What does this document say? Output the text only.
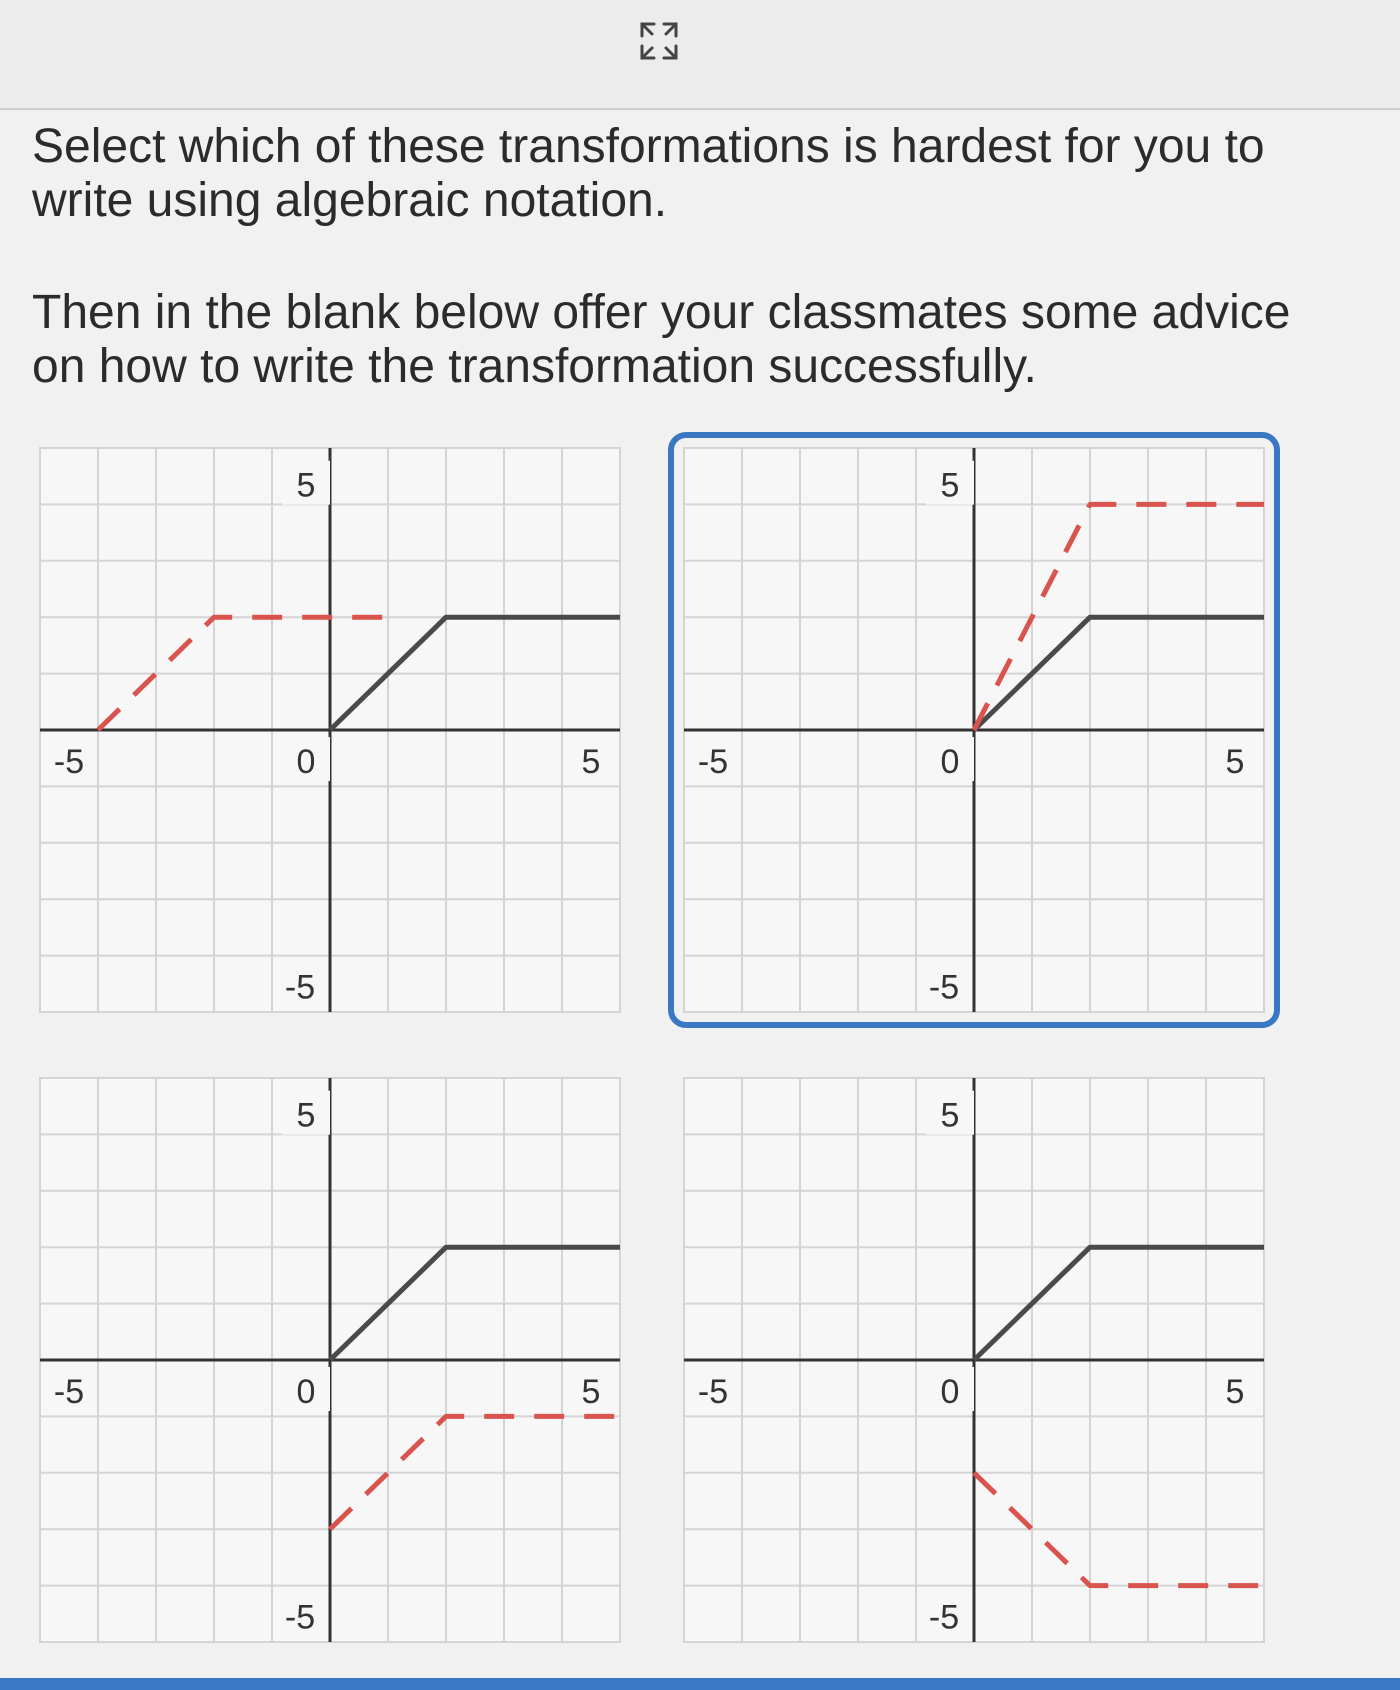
Select which of these transformations is hardest for you to write using algebraic notation.

Then in the blank below offer your classmates some advice on how to write the transformation successfully.

5
-5
-5	5
0
5
-5
-5	5
0
5
-5
-5	5
0
5
-5
-5	5
0
